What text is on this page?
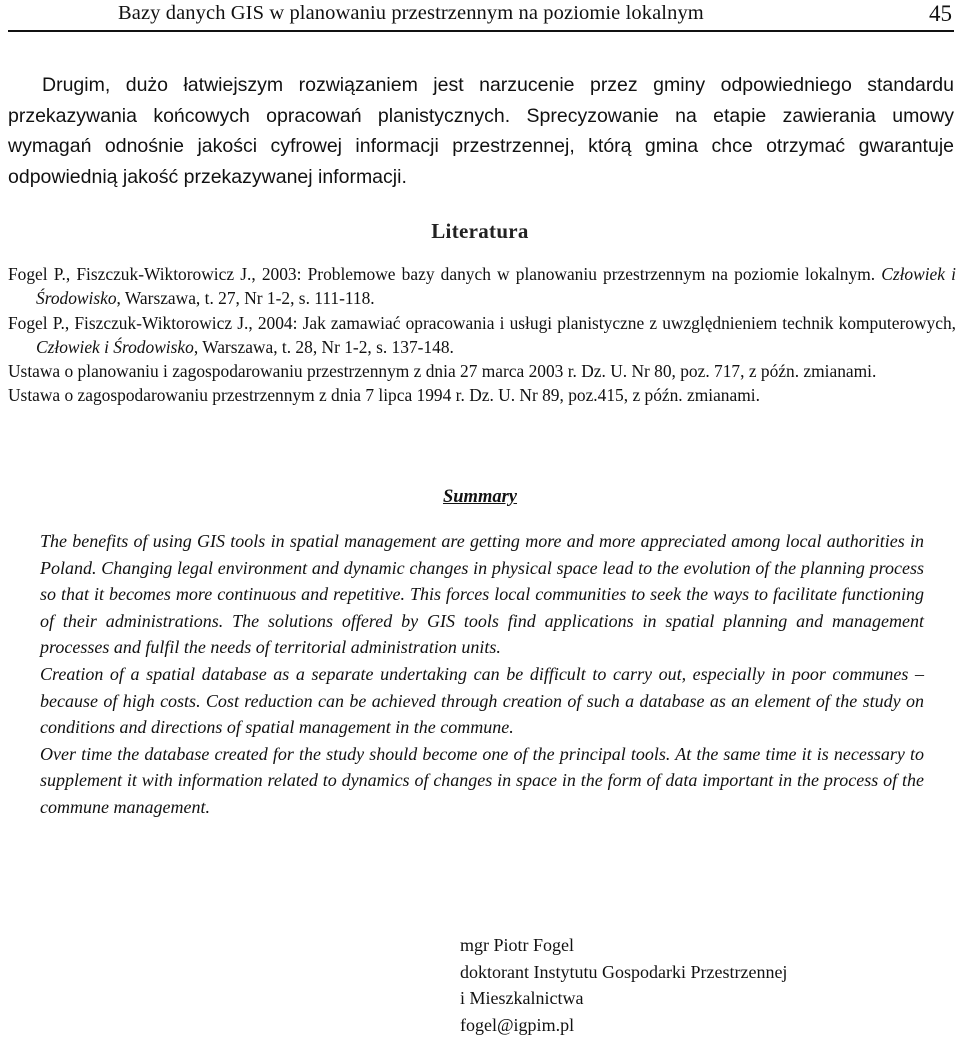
Bazy danych GIS w planowaniu przestrzennym na poziomie lokalnym	45

Drugim, dużo łatwiejszym rozwiązaniem jest narzucenie przez gminy odpowiedniego standardu przekazywania końcowych opracowań planistycznych. Sprecyzowanie na etapie zawierania umowy wymagań odnośnie jakości cyfrowej informacji przestrzennej, którą gmina chce otrzymać gwarantuje odpowiednią jakość przekazywanej informacji.

Literatura
Fogel P., Fiszczuk-Wiktorowicz J., 2003: Problemowe bazy danych w planowaniu przestrzennym na poziomie lokalnym. Człowiek i Środowisko, Warszawa, t. 27, Nr 1-2, s. 111-118.
Fogel P., Fiszczuk-Wiktorowicz J., 2004: Jak zamawiać opracowania i usługi planistyczne z uwzględnieniem technik komputerowych, Człowiek i Środowisko, Warszawa, t. 28, Nr 1-2, s. 137-148.
Ustawa o planowaniu i zagospodarowaniu przestrzennym z dnia 27 marca 2003 r. Dz. U. Nr 80, poz. 717, z późn. zmianami.
Ustawa o zagospodarowaniu przestrzennym z dnia 7 lipca 1994 r. Dz. U. Nr 89, poz.415, z późn. zmianami.
Summary

The benefits of using GIS tools in spatial management are getting more and more appreciated among local authorities in Poland. Changing legal environment and dynamic changes in physical space lead to the evolution of the planning process so that it becomes more continuous and repetitive. This forces local communities to seek the ways to facilitate functioning of their administrations. The solutions offered by GIS tools find applications in spatial planning and management processes and fulfil the needs of territorial administration units.

Creation of a spatial database as a separate undertaking can be difficult to carry out, especially in poor communes – because of high costs. Cost reduction can be achieved through creation of such a database as an element of the study on conditions and directions of spatial management in the commune.

Over time the database created for the study should become one of the principal tools. At the same time it is necessary to supplement it with information related to dynamics of changes in space in the form of data important in the process of the commune management.

mgr Piotr Fogel
doktorant Instytutu Gospodarki Przestrzennej
i Mieszkalnictwa
fogel@igpim.pl
